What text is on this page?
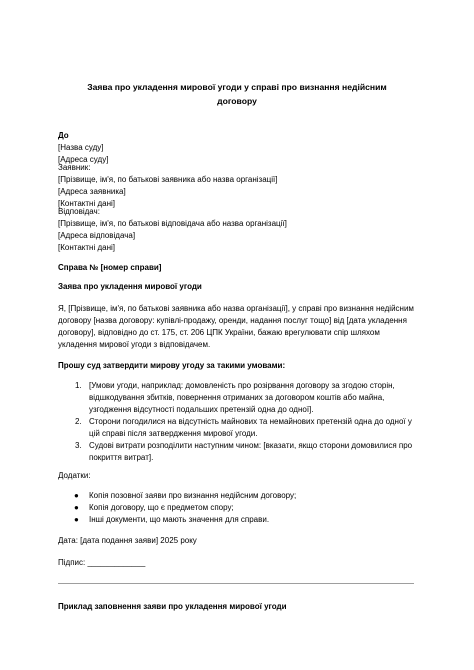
Заява про укладення мирової угоди у справі про визнання недійсним договору
До
[Назва суду]
[Адреса суду]
Заявник:
[Прізвище, ім'я, по батькові заявника або назва організації]
[Адреса заявника]
[Контактні дані]
Відповідач:
[Прізвище, ім'я, по батькові відповідача або назва організації]
[Адреса відповідача]
[Контактні дані]
Справа № [номер справи]
Заява про укладення мирової угоди
Я, [Прізвище, ім'я, по батькові заявника або назва організації], у справі про визнання недійсним договору [назва договору: купівлі-продажу, оренди, надання послуг тощо] від [дата укладення договору], відповідно до ст. 175, ст. 206 ЦПК України, бажаю врегулювати спір шляхом укладення мирової угоди з відповідачем.
Прошу суд затвердити мирову угоду за такими умовами:
1. [Умови угоди, наприклад: домовленість про розірвання договору за згодою сторін, відшкодування збитків, повернення отриманих за договором коштів або майна, узгодження відсутності подальших претензій одна до одної].
2. Сторони погодилися на відсутність майнових та немайнових претензій одна до одної у цій справі після затвердження мирової угоди.
3. Судові витрати розподілити наступним чином: [вказати, якщо сторони домовилися про покриття витрат].
Додатки:
● Копія позовної заяви про визнання недійсним договору;
● Копія договору, що є предметом спору;
● Інші документи, що мають значення для справи.
Дата: [дата подання заяви] 2025 року
Підпис: _____________
Приклад заповнення заяви про укладення мирової угоди
